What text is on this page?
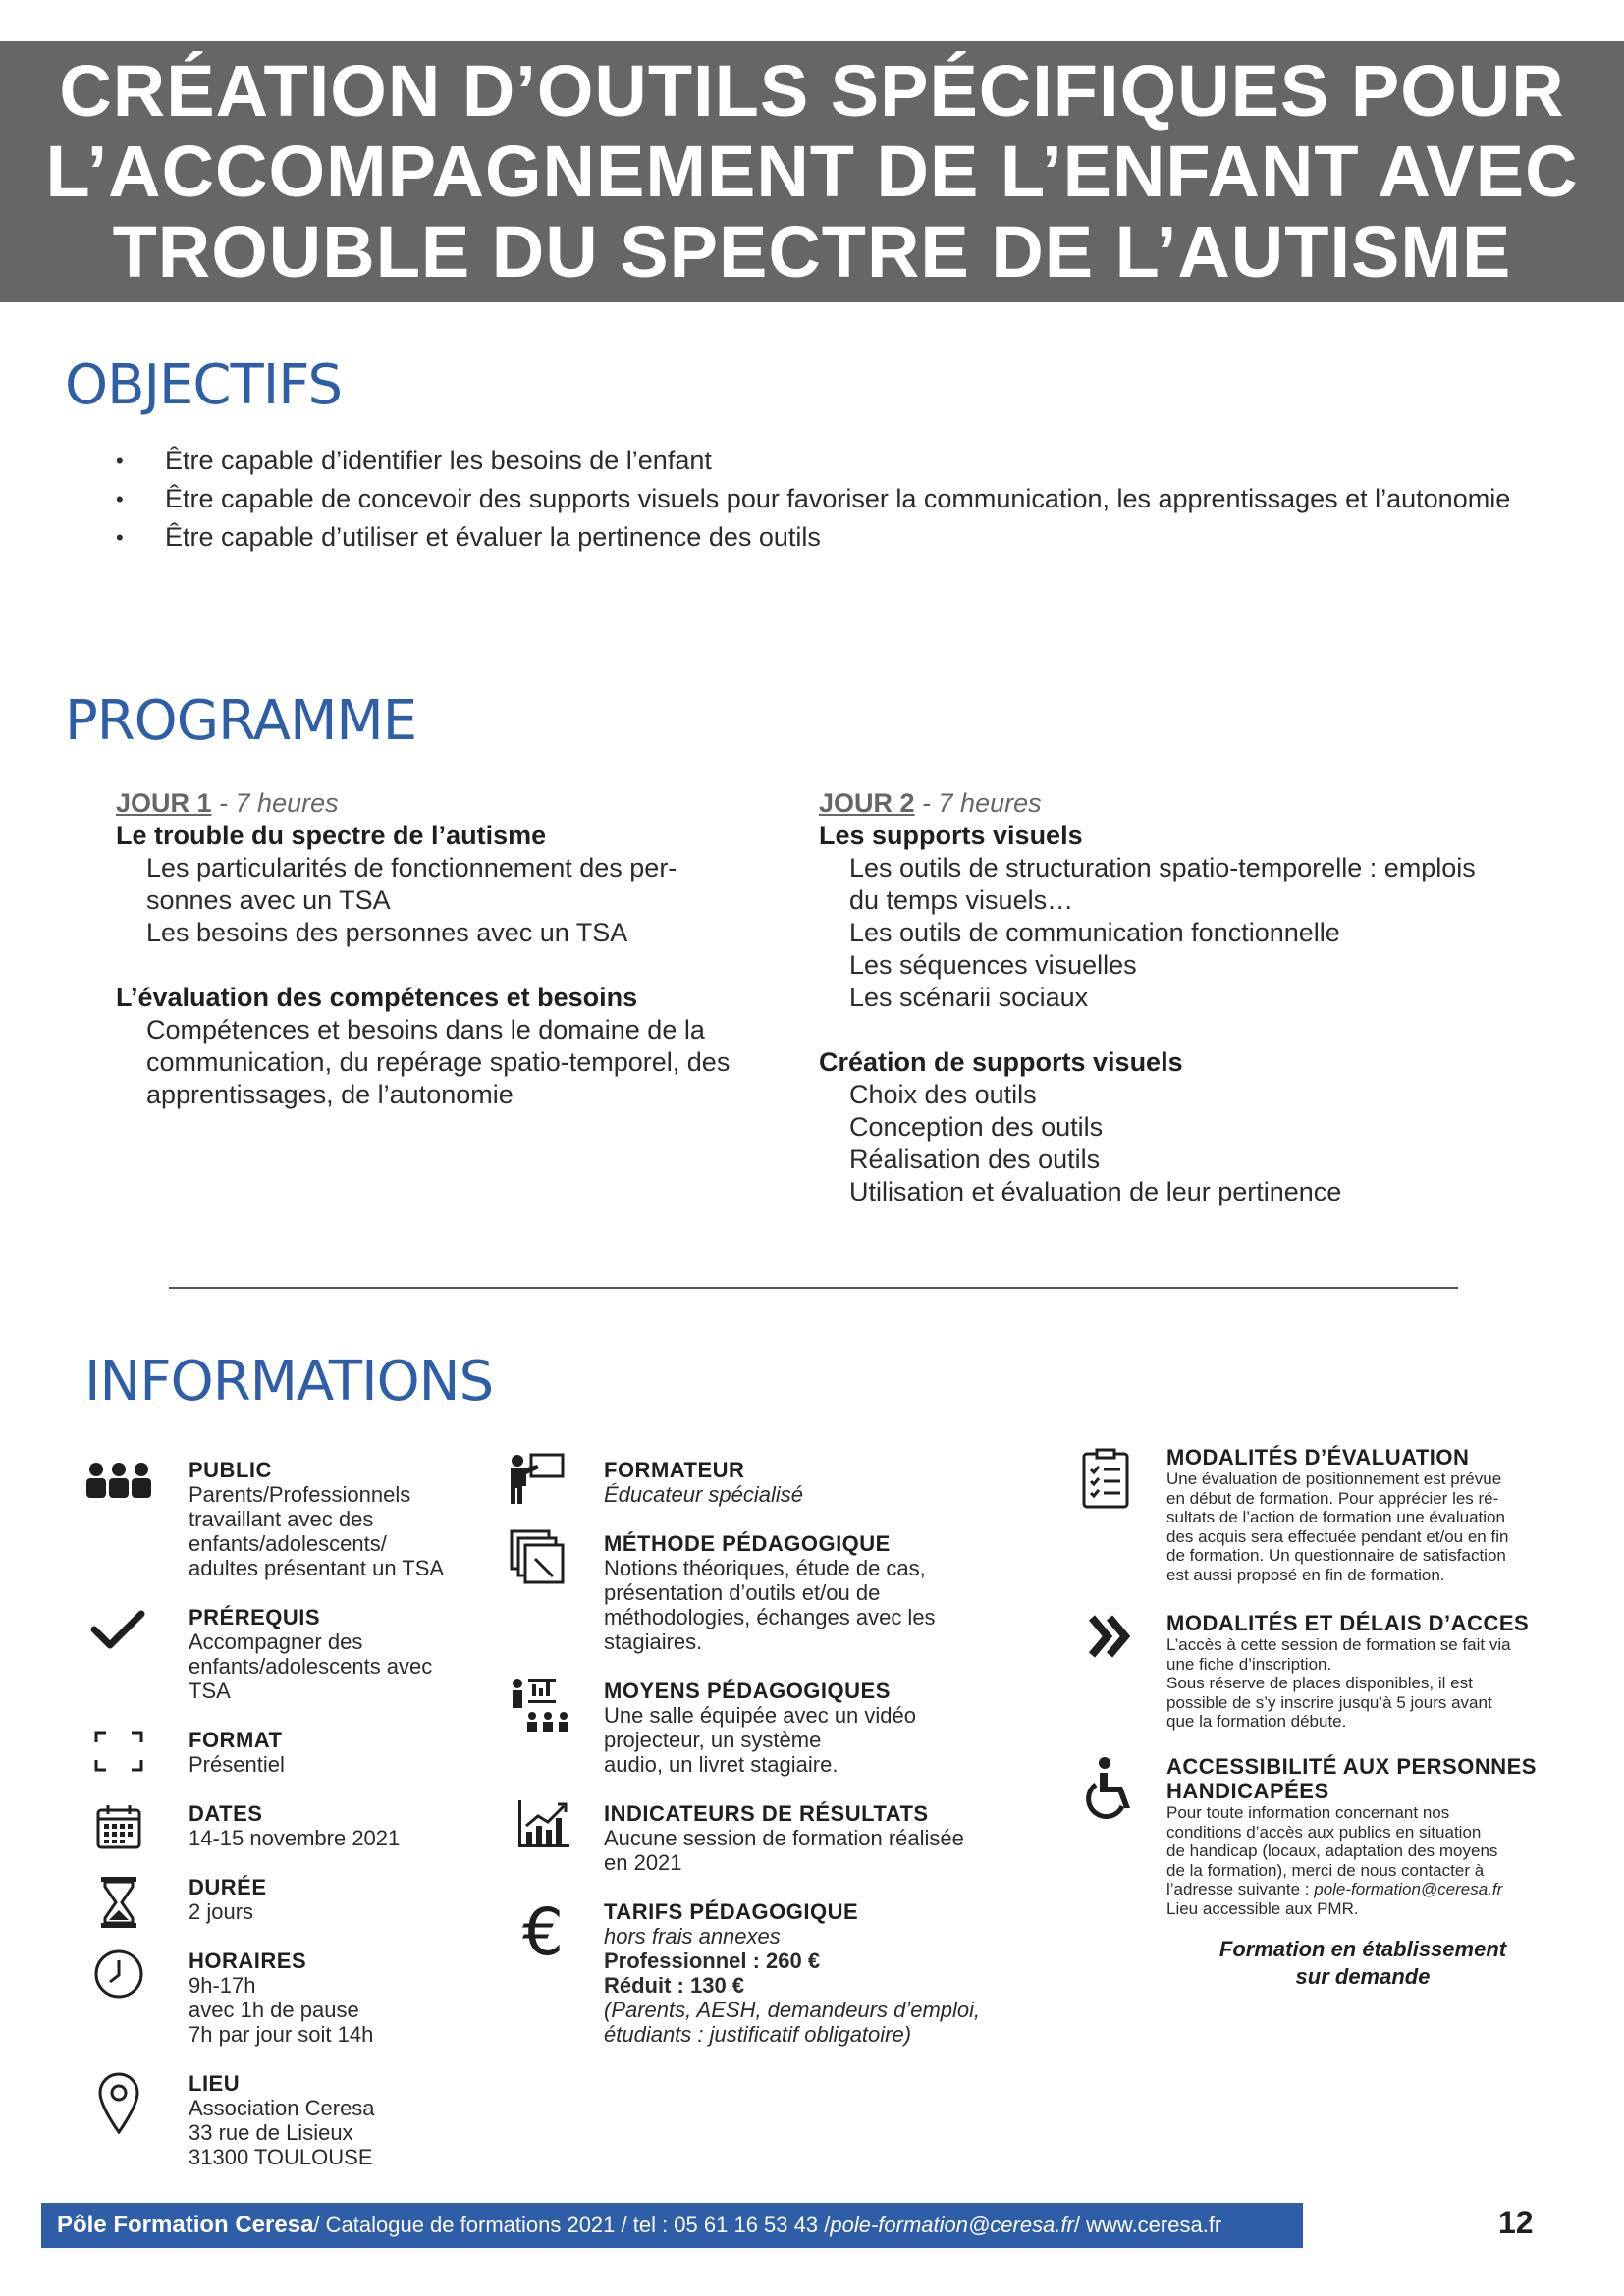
CRÉATION D’OUTILS SPÉCIFIQUES POUR
L’ACCOMPAGNEMENT DE L’ENFANT AVEC
TROUBLE DU SPECTRE DE L’AUTISME
OBJECTIFS
• Être capable d’identifier les besoins de l’enfant
• Être capable de concevoir des supports visuels pour favoriser la communication, les apprentissages et l’autonomie
• Être capable d’utiliser et évaluer la pertinence des outils
PROGRAMME
JOUR 1 - 7 heures
Le trouble du spectre de l’autisme
Les particularités de fonctionnement des per-
sonnes avec un TSA
Les besoins des personnes avec un TSA
L’évaluation des compétences et besoins
Compétences et besoins dans le domaine de la
communication, du repérage spatio-temporel, des
apprentissages, de l’autonomie
JOUR 2 - 7 heures
Les supports visuels
Les outils de structuration spatio-temporelle : emplois
du temps visuels…
Les outils de communication fonctionnelle
Les séquences visuelles
Les scénarii sociaux
Création de supports visuels
Choix des outils
Conception des outils
Réalisation des outils
Utilisation et évaluation de leur pertinence
INFORMATIONS
PUBLIC
Parents/Professionnels
travaillant avec des
enfants/adolescents/
adultes présentant un TSA
PRÉREQUIS
Accompagner des
enfants/adolescents avec
TSA
FORMAT
Présentiel
DATES
14-15 novembre 2021
DURÉE
2 jours
HORAIRES
9h-17h
avec 1h de pause
7h par jour soit 14h
LIEU
Association Ceresa
33 rue de Lisieux
31300 TOULOUSE
FORMATEUR
Éducateur spécialisé
MÉTHODE PÉDAGOGIQUE
Notions théoriques, étude de cas,
présentation d’outils et/ou de
méthodologies, échanges avec les
stagiaires.
MOYENS PÉDAGOGIQUES
Une salle équipée avec un vidéo
projecteur, un système
audio, un livret stagiaire.
INDICATEURS DE RÉSULTATS
Aucune session de formation réalisée
en 2021
€ TARIFS PÉDAGOGIQUE
hors frais annexes
Professionnel : 260 €
Réduit : 130 €
(Parents, AESH, demandeurs d’emploi,
étudiants : justificatif obligatoire)
MODALITÉS D’ÉVALUATION
Une évaluation de positionnement est prévue
en début de formation. Pour apprécier les ré-
sultats de l’action de formation une évaluation
des acquis sera effectuée pendant et/ou en fin
de formation. Un questionnaire de satisfaction
est aussi proposé en fin de formation.
MODALITÉS ET DÉLAIS D’ACCES
L’accès à cette session de formation se fait via
une fiche d’inscription.
Sous réserve de places disponibles, il est
possible de s’y inscrire jusqu’à 5 jours avant
que la formation débute.
ACCESSIBILITÉ AUX PERSONNES
HANDICAPÉES
Pour toute information concernant nos
conditions d’accès aux publics en situation
de handicap (locaux, adaptation des moyens
de la formation), merci de nous contacter à
l’adresse suivante : pole-formation@ceresa.fr
Lieu accessible aux PMR.
Formation en établissement
sur demande
Pôle Formation Ceresa / Catalogue de formations 2021 / tel : 05 61 16 53 43 / pole-formation@ceresa.fr / www.ceresa.fr	12
